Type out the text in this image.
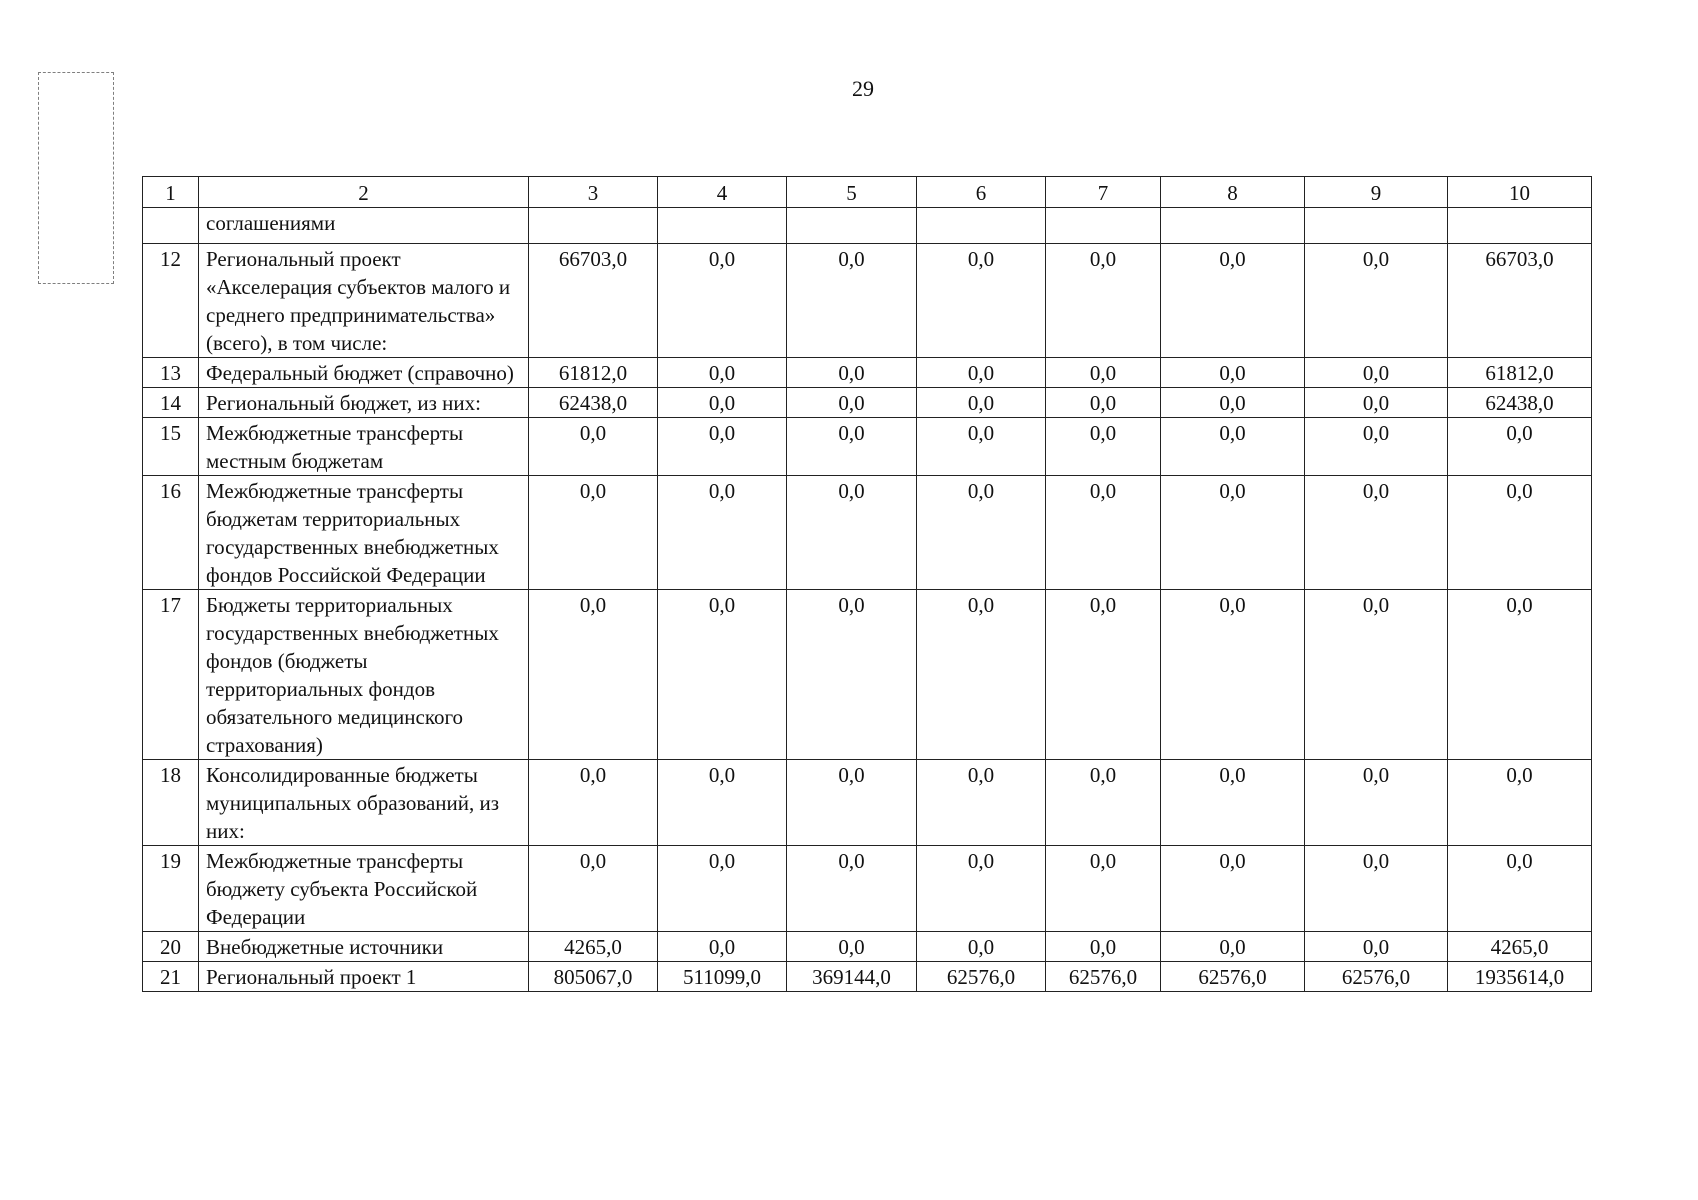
29
1	2	3	4	5	6	7	8	9	10
	соглашениями								
12	Региональный проект «Акселерация субъектов малого и среднего предпринимательства» (всего), в том числе:	66703,0	0,0	0,0	0,0	0,0	0,0	0,0	66703,0
13	Федеральный бюджет (справочно)	61812,0	0,0	0,0	0,0	0,0	0,0	0,0	61812,0
14	Региональный бюджет, из них:	62438,0	0,0	0,0	0,0	0,0	0,0	0,0	62438,0
15	Межбюджетные трансферты местным бюджетам	0,0	0,0	0,0	0,0	0,0	0,0	0,0	0,0
16	Межбюджетные трансферты бюджетам территориальных государственных внебюджетных фондов Российской Федерации	0,0	0,0	0,0	0,0	0,0	0,0	0,0	0,0
17	Бюджеты территориальных государственных внебюджетных фондов (бюджеты территориальных фондов обязательного медицинского страхования)	0,0	0,0	0,0	0,0	0,0	0,0	0,0	0,0
18	Консолидированные бюджеты муниципальных образований, из них:	0,0	0,0	0,0	0,0	0,0	0,0	0,0	0,0
19	Межбюджетные трансферты бюджету субъекта Российской Федерации	0,0	0,0	0,0	0,0	0,0	0,0	0,0	0,0
20	Внебюджетные источники	4265,0	0,0	0,0	0,0	0,0	0,0	0,0	4265,0
21	Региональный проект 1	805067,0	511099,0	369144,0	62576,0	62576,0	62576,0	62576,0	1935614,0
